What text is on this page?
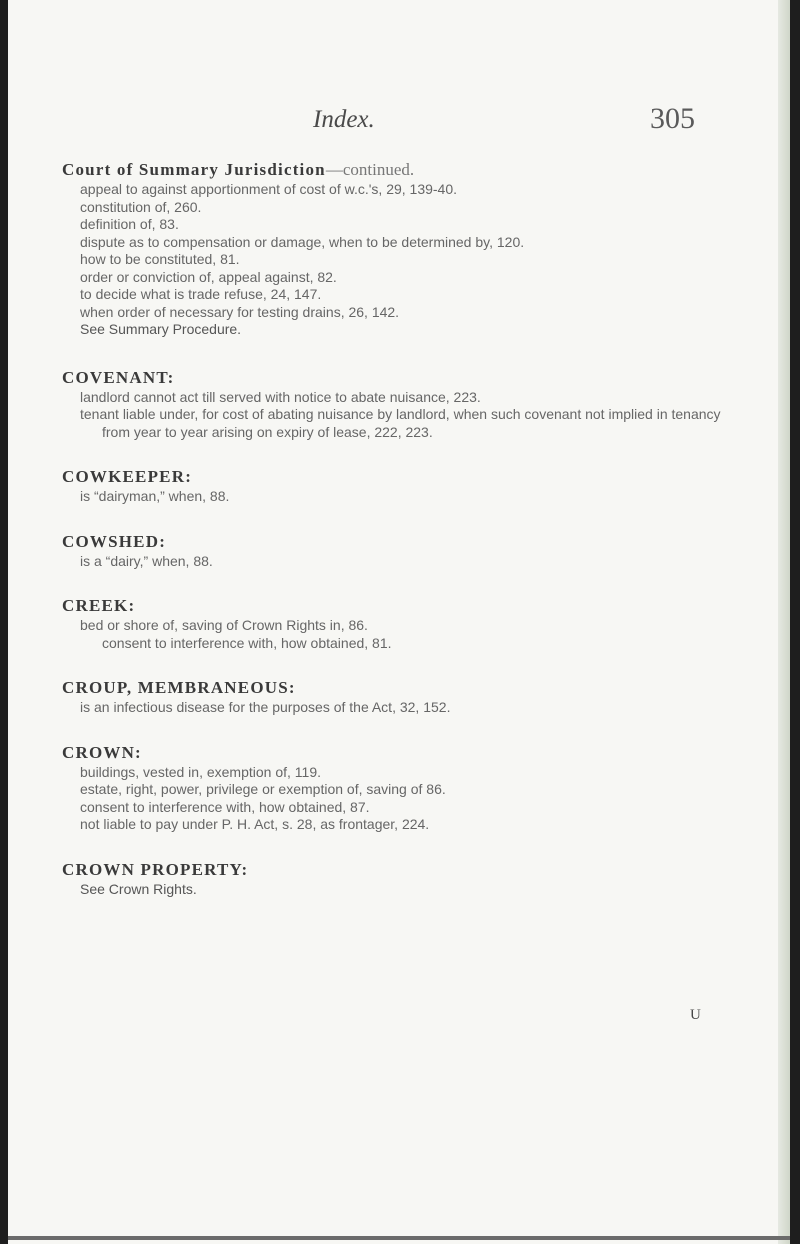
Index.	305
Court of Summary Jurisdiction—continued.

appeal to against apportionment of cost of w.c.'s, 29, 139-40.

constitution of, 260.

definition of, 83.

dispute as to compensation or damage, when to be determined by, 120.

how to be constituted, 81.

order or conviction of, appeal against, 82.

to decide what is trade refuse, 24, 147.

when order of necessary for testing drains, 26, 142.

See Summary Procedure.

COVENANT:

landlord cannot act till served with notice to abate nuisance, 223.

tenant liable under, for cost of abating nuisance by landlord, when such covenant not implied in tenancy from year to year arising on expiry of lease, 222, 223.

COWKEEPER:

is “dairyman,” when, 88.

COWSHED:

is a “dairy,” when, 88.

CREEK:

bed or shore of, saving of Crown Rights in, 86.

consent to interference with, how obtained, 81.

CROUP, MEMBRANEOUS:

is an infectious disease for the purposes of the Act, 32, 152.

CROWN:

buildings, vested in, exemption of, 119.

estate, right, power, privilege or exemption of, saving of 86.

consent to interference with, how obtained, 87.

not liable to pay under P. H. Act, s. 28, as frontager, 224.

CROWN PROPERTY:

See Crown Rights.

U
